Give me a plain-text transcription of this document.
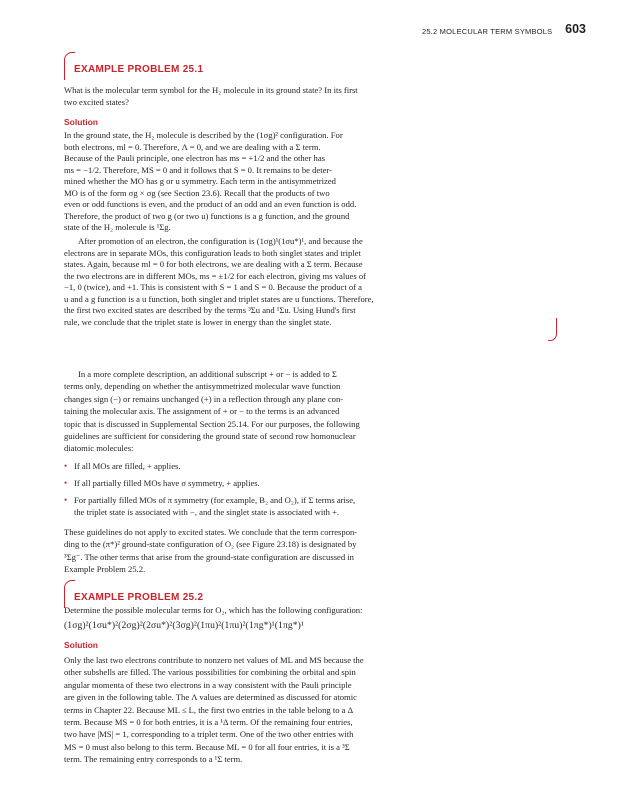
25.2 MOLECULAR TERM SYMBOLS 603
EXAMPLE PROBLEM 25.1
What is the molecular term symbol for the H₂ molecule in its ground state? In its first
two excited states?
Solution
In the ground state, the H₂ molecule is described by the (1σg)² configuration. For
both electrons, ml = 0. Therefore, Λ = 0, and we are dealing with a Σ term.
Because of the Pauli principle, one electron has ms = +1/2 and the other has
ms = −1/2. Therefore, MS = 0 and it follows that S = 0. It remains to be deter-
mined whether the MO has g or u symmetry. Each term in the antisymmetrized
MO is of the form σg × σg (see Section 23.6). Recall that the products of two
even or odd functions is even, and the product of an odd and an even function is odd.
Therefore, the product of two g (or two u) functions is a g function, and the ground
state of the H₂ molecule is ¹Σg.
After promotion of an electron, the configuration is (1σg)¹(1σu*)¹, and because the
electrons are in separate MOs, this configuration leads to both singlet states and triplet
states. Again, because ml = 0 for both electrons, we are dealing with a Σ term. Because
the two electrons are in different MOs, ms = ±1/2 for each electron, giving ms values of
−1, 0 (twice), and +1. This is consistent with S = 1 and S = 0. Because the product of a
u and a g function is a u function, both singlet and triplet states are u functions. Therefore,
the first two excited states are described by the terms ³Σu and ¹Σu. Using Hund's first
rule, we conclude that the triplet state is lower in energy than the singlet state.
In a more complete description, an additional subscript + or − is added to Σ
terms only, depending on whether the antisymmetrized molecular wave function
changes sign (−) or remains unchanged (+) in a reflection through any plane con-
taining the molecular axis. The assignment of + or − to the terms is an advanced
topic that is discussed in Supplemental Section 25.14. For our purposes, the following
guidelines are sufficient for considering the ground state of second row homonuclear
diatomic molecules:
• If all MOs are filled, + applies.
• If all partially filled MOs have σ symmetry, + applies.
• For partially filled MOs of π symmetry (for example, B₂ and O₂), if Σ terms arise,
the triplet state is associated with −, and the singlet state is associated with +.
These guidelines do not apply to excited states. We conclude that the term correspon-
ding to the (π*)² ground-state configuration of O₂ (see Figure 23.18) is designated by
³Σg⁻. The other terms that arise from the ground-state configuration are discussed in
Example Problem 25.2.
EXAMPLE PROBLEM 25.2
Determine the possible molecular terms for O₂, which has the following configuration:
(1σg)²(1σu*)²(2σg)²(2σu*)²(3σg)²(1πu)²(1πu)²(1πg*)¹(1πg*)¹
Solution
Only the last two electrons contribute to nonzero net values of ML and MS because the
other subshells are filled. The various possibilities for combining the orbital and spin
angular momenta of these two electrons in a way consistent with the Pauli principle
are given in the following table. The Λ values are determined as discussed for atomic
terms in Chapter 22. Because ML ≤ L, the first two entries in the table belong to a Δ
term. Because MS = 0 for both entries, it is a ¹Δ term. Of the remaining four entries,
two have |MS| = 1, corresponding to a triplet term. One of the two other entries with
MS = 0 must also belong to this term. Because ML = 0 for all four entries, it is a ³Σ
term. The remaining entry corresponds to a ¹Σ term.
